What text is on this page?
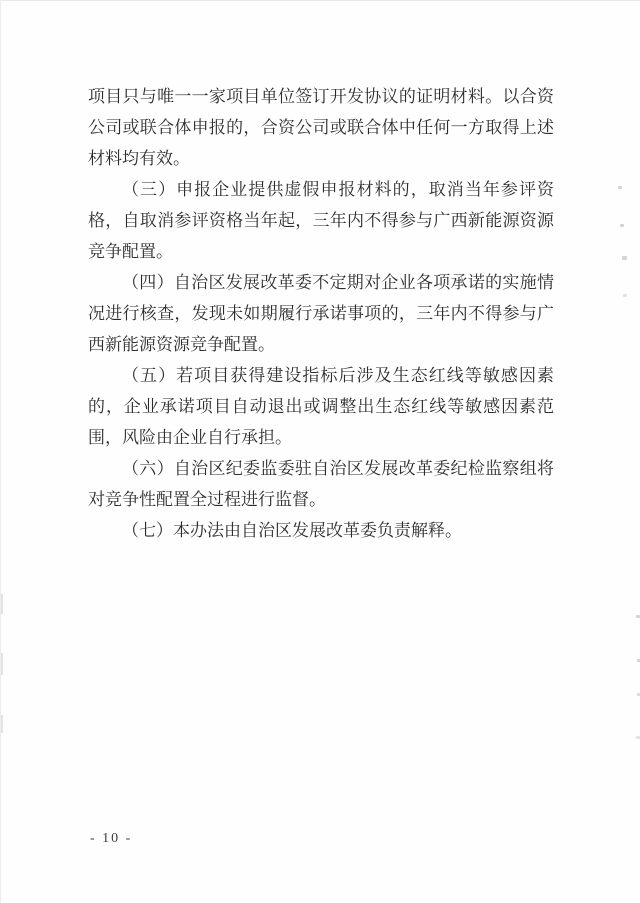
项目只与唯一一家项目单位签订开发协议的证明材料。以合资公司或联合体申报的，合资公司或联合体中任何一方取得上述材料均有效。

（三）申报企业提供虚假申报材料的，取消当年参评资格，自取消参评资格当年起，三年内不得参与广西新能源资源竞争配置。

（四）自治区发展改革委不定期对企业各项承诺的实施情况进行核查，发现未如期履行承诺事项的，三年内不得参与广西新能源资源竞争配置。

（五）若项目获得建设指标后涉及生态红线等敏感因素的，企业承诺项目自动退出或调整出生态红线等敏感因素范围，风险由企业自行承担。

（六）自治区纪委监委驻自治区发展改革委纪检监察组将对竞争性配置全过程进行监督。

（七）本办法由自治区发展改革委负责解释。

- 10 -
